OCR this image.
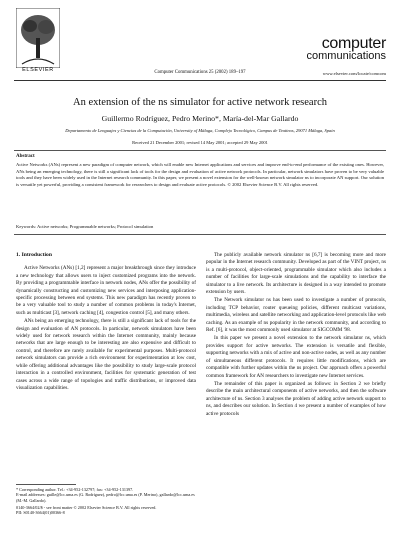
ELSEVIER	Computer Communications 25 (2002) 189–197
computer
communications
www.elsevier.com/locate/comcom
An extension of the ns simulator for active network research
Guillermo Rodríguez, Pedro Merino*, María-del-Mar Gallardo
Departamento de Lenguajes y Ciencias de la Computación, University of Málaga, Complejo Tecnológico, Campus de Teatinos, 29071 Málaga, Spain
Received 21 December 2001; revised 14 May 2001; accepted 29 May 2001
Abstract
Active Networks (ANs) represent a new paradigm of computer network, which will enable new Internet applications and services and improve end-to-end performance of the existing ones. However, ANs being an emerging technology, there is still a significant lack of tools for the design and evaluation of active network protocols. In particular, network simulators have proven to be very valuable tools and they have been widely used in the Internet research community. In this paper, we present a novel extension for the well-known network simulator ns to incorporate AN support. Our solution is versatile yet powerful, providing a consistent framework for researchers to design and evaluate active protocols. © 2002 Elsevier Science B.V. All rights reserved.
Keywords: Active networks; Programmable networks; Protocol simulation
1. Introduction

Active Networks (ANs) [1,2] represent a major breakthrough since they introduce a new technology that allows users to inject customized programs into the network. By providing a programmable interface in network nodes, ANs offer the possibility of dynamically constructing and customizing new services and interposing application-specific processing between end systems. This new paradigm has recently proven to be a very valuable tool to study a number of common problems in today's Internet, such as multicast [3], network caching [4], congestion control [5], and many others.

ANs being an emerging technology, there is still a significant lack of tools for the design and evaluation of AN protocols. In particular, network simulators have been widely used for network research within the Internet community, mainly because networks that are large enough to be interesting are also expensive and difficult to control, and therefore are rarely available for experimental purposes. Multi-protocol network simulators can provide a rich environment for experimentation at low cost, while offering additional advantages like the possibility to study large-scale protocol interaction in a controlled environment, facilities for systematic generation of test cases across a wide range of topologies and traffic distributions, or improved data visualization capabilities.

The publicly available network simulator ns [6,7] is becoming more and more popular in the Internet research community. Developed as part of the VINT project, ns is a multi-protocol, object-oriented, programmable simulator which also includes a number of facilities for large-scale simulations and the capability to interface the simulator to a live network. Its architecture is designed in a way intended to promote extension by users.

The Network simulator ns has been used to investigate a number of protocols, including TCP behavior, router queueing policies, different multicast variations, multimedia, wireless and satellite networking and application-level protocols like web caching. As an example of ns popularity in the network community, and according to Ref. [6], it was the most commonly used simulator at SIGCOMM '98.

In this paper we present a novel extension to the network simulator ns, which provides support for active networks. The extension is versatile and flexible, supporting networks with a mix of active and non-active nodes, as well as any number of simultaneous different protocols. It requires little modifications, which are compatible with further updates within the ns project. Our approach offers a powerful common framework for AN researchers to investigate new Internet services.

The remainder of this paper is organized as follows: in Section 2 we briefly describe the main architectural components of active networks, and then the software architecture of ns. Section 3 analyses the problem of adding active network support to ns, and describes our solution. In Section 4 we present a number of examples of how active protocols

* Corresponding author. Tel.: +34-952-132797; fax: +34-952-131397.
E-mail addresses: guille@lcc.uma.es (G. Rodríguez), pedro@lcc.uma.es (P. Merino), gallardo@lcc.uma.es (M.-M. Gallardo).
0140-3664/02/$ - see front matter © 2002 Elsevier Science B.V. All rights reserved.
PII: S0140-3664(01)00366-8
